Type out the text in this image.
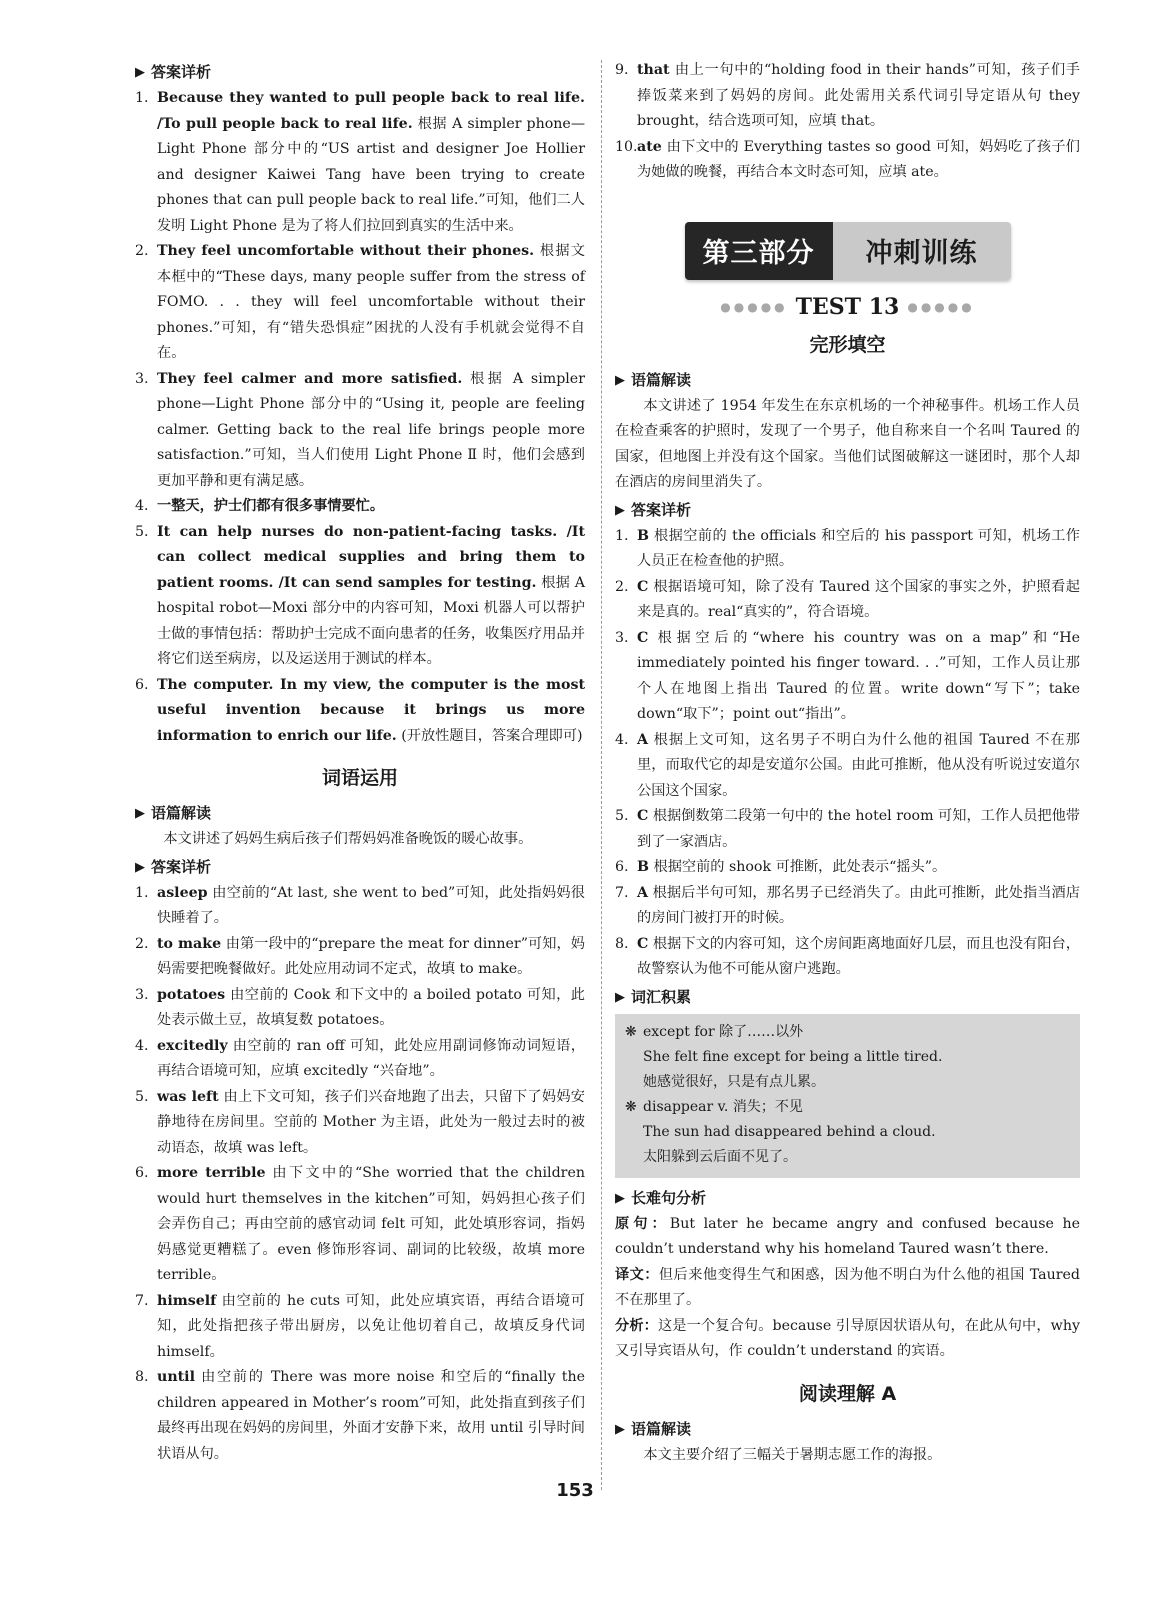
▶ 答案详析
1. Because they wanted to pull people back to real life. /To pull people back to real life. 根据 A simpler phone—Light Phone 部分中的“US artist and designer Joe Hollier and designer Kaiwei Tang have been trying to create phones that can pull people back to real life.”可知，他们二人发明 Light Phone 是为了将人们拉回到真实的生活中来。
2. They feel uncomfortable without their phones. 根据文本框中的“These days, many people suffer from the stress of FOMO. . . they will feel uncomfortable without their phones.”可知，有“错失恐惧症”困扰的人没有手机就会觉得不自在。
3. They feel calmer and more satisfied. 根据 A simpler phone—Light Phone 部分中的“Using it, people are feeling calmer. Getting back to the real life brings people more satisfaction.”可知，当人们使用 Light Phone Ⅱ 时，他们会感到更加平静和更有满足感。
4. 一整天，护士们都有很多事情要忙。
5. It can help nurses do non-patient-facing tasks. /It can collect medical supplies and bring them to patient rooms. /It can send samples for testing. 根据 A hospital robot—Moxi 部分中的内容可知，Moxi 机器人可以帮护士做的事情包括：帮助护士完成不面向患者的任务，收集医疗用品并将它们送至病房，以及运送用于测试的样本。
6. The computer. In my view, the computer is the most useful invention because it brings us more information to enrich our life. (开放性题目，答案合理即可)
词语运用
▶ 语篇解读
本文讲述了妈妈生病后孩子们帮妈妈准备晚饭的暖心故事。
▶ 答案详析
1. asleep 由空前的“At last, she went to bed”可知，此处指妈妈很快睡着了。
2. to make 由第一段中的“prepare the meat for dinner”可知，妈妈需要把晚餐做好。此处应用动词不定式，故填 to make。
3. potatoes 由空前的 Cook 和下文中的 a boiled potato 可知，此处表示做土豆，故填复数 potatoes。
4. excitedly 由空前的 ran off 可知，此处应用副词修饰动词短语，再结合语境可知，应填 excitedly “兴奋地”。
5. was left 由上下文可知，孩子们兴奋地跑了出去，只留下了妈妈安静地待在房间里。空前的 Mother 为主语，此处为一般过去时的被动语态，故填 was left。
6. more terrible 由下文中的“She worried that the children would hurt themselves in the kitchen”可知，妈妈担心孩子们会弄伤自己；再由空前的感官动词 felt 可知，此处填形容词，指妈妈感觉更糟糕了。even 修饰形容词、副词的比较级，故填 more terrible。
7. himself 由空前的 he cuts 可知，此处应填宾语，再结合语境可知，此处指把孩子带出厨房，以免让他切着自己，故填反身代词 himself。
8. until 由空前的 There was more noise 和空后的“finally the children appeared in Mother’s room”可知，此处指直到孩子们最终再出现在妈妈的房间里，外面才安静下来，故用 until 引导时间状语从句。
9. that 由上一句中的“holding food in their hands”可知，孩子们手捧饭菜来到了妈妈的房间。此处需用关系代词引导定语从句 they brought，结合选项可知，应填 that。
10. ate 由下文中的 Everything tastes so good 可知，妈妈吃了孩子们为她做的晚餐，再结合本文时态可知，应填 ate。
第三部分	冲刺训练
●●●●● TEST 13 ●●●●●
完形填空
▶ 语篇解读
本文讲述了 1954 年发生在东京机场的一个神秘事件。机场工作人员在检查乘客的护照时，发现了一个男子，他自称来自一个名叫 Taured 的国家，但地图上并没有这个国家。当他们试图破解这一谜团时，那个人却在酒店的房间里消失了。
▶ 答案详析
1. B 根据空前的 the officials 和空后的 his passport 可知，机场工作人员正在检查他的护照。
2. C 根据语境可知，除了没有 Taured 这个国家的事实之外，护照看起来是真的。real“真实的”，符合语境。
3. C 根据空后的“where his country was on a map”和“He immediately pointed his finger toward. . .”可知，工作人员让那个人在地图上指出 Taured 的位置。write down“写下”；take down“取下”；point out“指出”。
4. A 根据上文可知，这名男子不明白为什么他的祖国 Taured 不在那里，而取代它的却是安道尔公国。由此可推断，他从没有听说过安道尔公国这个国家。
5. C 根据倒数第二段第一句中的 the hotel room 可知，工作人员把他带到了一家酒店。
6. B 根据空前的 shook 可推断，此处表示“摇头”。
7. A 根据后半句可知，那名男子已经消失了。由此可推断，此处指当酒店的房间门被打开的时候。
8. C 根据下文的内容可知，这个房间距离地面好几层，而且也没有阳台，故警察认为他不可能从窗户逃跑。
▶ 词汇积累
❋ except for 除了……以外
She felt fine except for being a little tired.
她感觉很好，只是有点儿累。
❋ disappear v. 消失；不见
The sun had disappeared behind a cloud.
太阳躲到云后面不见了。
▶ 长难句分析
原句：But later he became angry and confused because he couldn’t understand why his homeland Taured wasn’t there.
译文：但后来他变得生气和困惑，因为他不明白为什么他的祖国 Taured 不在那里了。
分析：这是一个复合句。because 引导原因状语从句，在此从句中，why 又引导宾语从句，作 couldn’t understand 的宾语。
阅读理解 A
▶ 语篇解读
本文主要介绍了三幅关于暑期志愿工作的海报。
153
